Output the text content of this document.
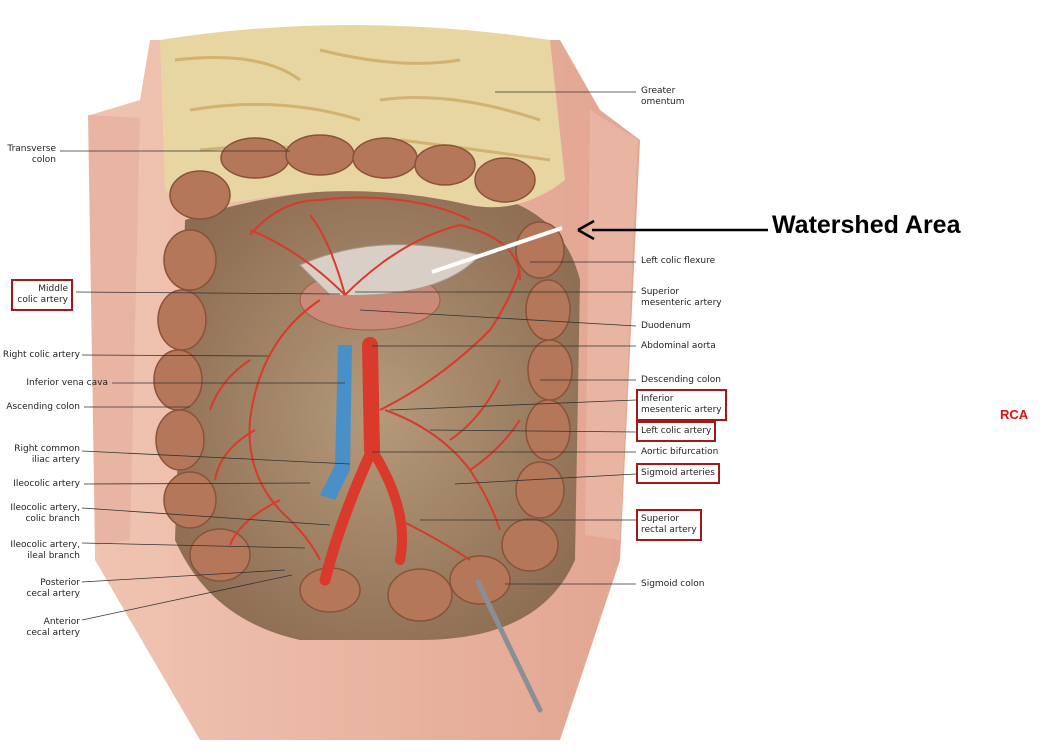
Transverse
colon
Middle
colic artery
Right colic artery
Inferior vena cava
Ascending colon
Right common
iliac artery
Ileocolic artery
Ileocolic artery,
colic branch
Ileocolic artery,
ileal branch
Posterior
cecal artery
Anterior
cecal artery
Greater
omentum
Left colic flexure
Superior
mesenteric artery
Duodenum
Abdominal aorta
Descending colon
Inferior
mesenteric artery
Left colic artery
Aortic bifurcation
Sigmoid arteries
Superior
rectal artery
Sigmoid colon
Watershed Area
RCA
